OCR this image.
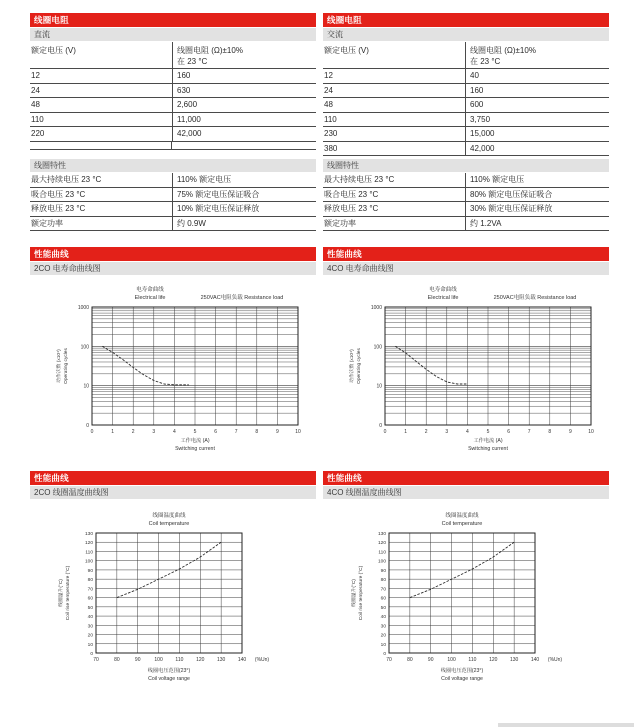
线圈电阻
直流
额定电压 (V)	线圈电阻 (Ω)±10%
在 23 °C
12	160
24	630
48	2,600
110	11,000
220	42,000
线圈特性
最大持续电压 23 °C	110% 额定电压
吸合电压 23 °C	75% 额定电压保证吸合
释放电压 23 °C	10% 额定电压保证释放
额定功率	约 0.9W
线圈电阻
交流
额定电压 (V)	线圈电阻 (Ω)±10%
在 23 °C
12	40
24	160
48	600
110	3,750
230	15,000
380	42,000
线圈特性
最大持续电压 23 °C	110% 额定电压
吸合电压 23 °C	80% 额定电压保证吸合
释放电压 23 °C	30% 额定电压保证释放
额定功率	约 1.2VA
性能曲线
2CO 电寿命曲线图
0	1	2	3	4	5	6	7	8	9	10
1000
100
10
0
电寿命曲线
Electrical life	250VAC电阻负载 Resistance load
工作电流 (A)
Switching current
动作次数 (x10⁴) Operating cycles
性能曲线
4CO 电寿命曲线图
0	1	2	3	4	5	6	7	8	9	10
1000
100
10
0
电寿命曲线
Electrical life	250VAC电阻负载 Resistance load
工作电流 (A)
Switching current
动作次数 (x10⁴) Operating cycles
性能曲线
2CO 线圈温度曲线图
70	80	90	100	110	120	130	140
0
10
20
30
40
50
60
70
80
90
100
110
120
130
(%Un)
线圈温度曲线
Coil temperature
线圈电压范围(23°)
Coil voltage range
线圈温升(°C) Coil rise temperature (°C)
性能曲线
4CO 线圈温度曲线图
70	80	90	100	110	120	130	140
0
10
20
30
40
50
60
70
80
90
100
110
120
130
(%Un)
线圈温度曲线
Coil temperature
线圈电压范围(23°)
Coil voltage range
线圈温升(°C) Coil rise temperature (°C)
